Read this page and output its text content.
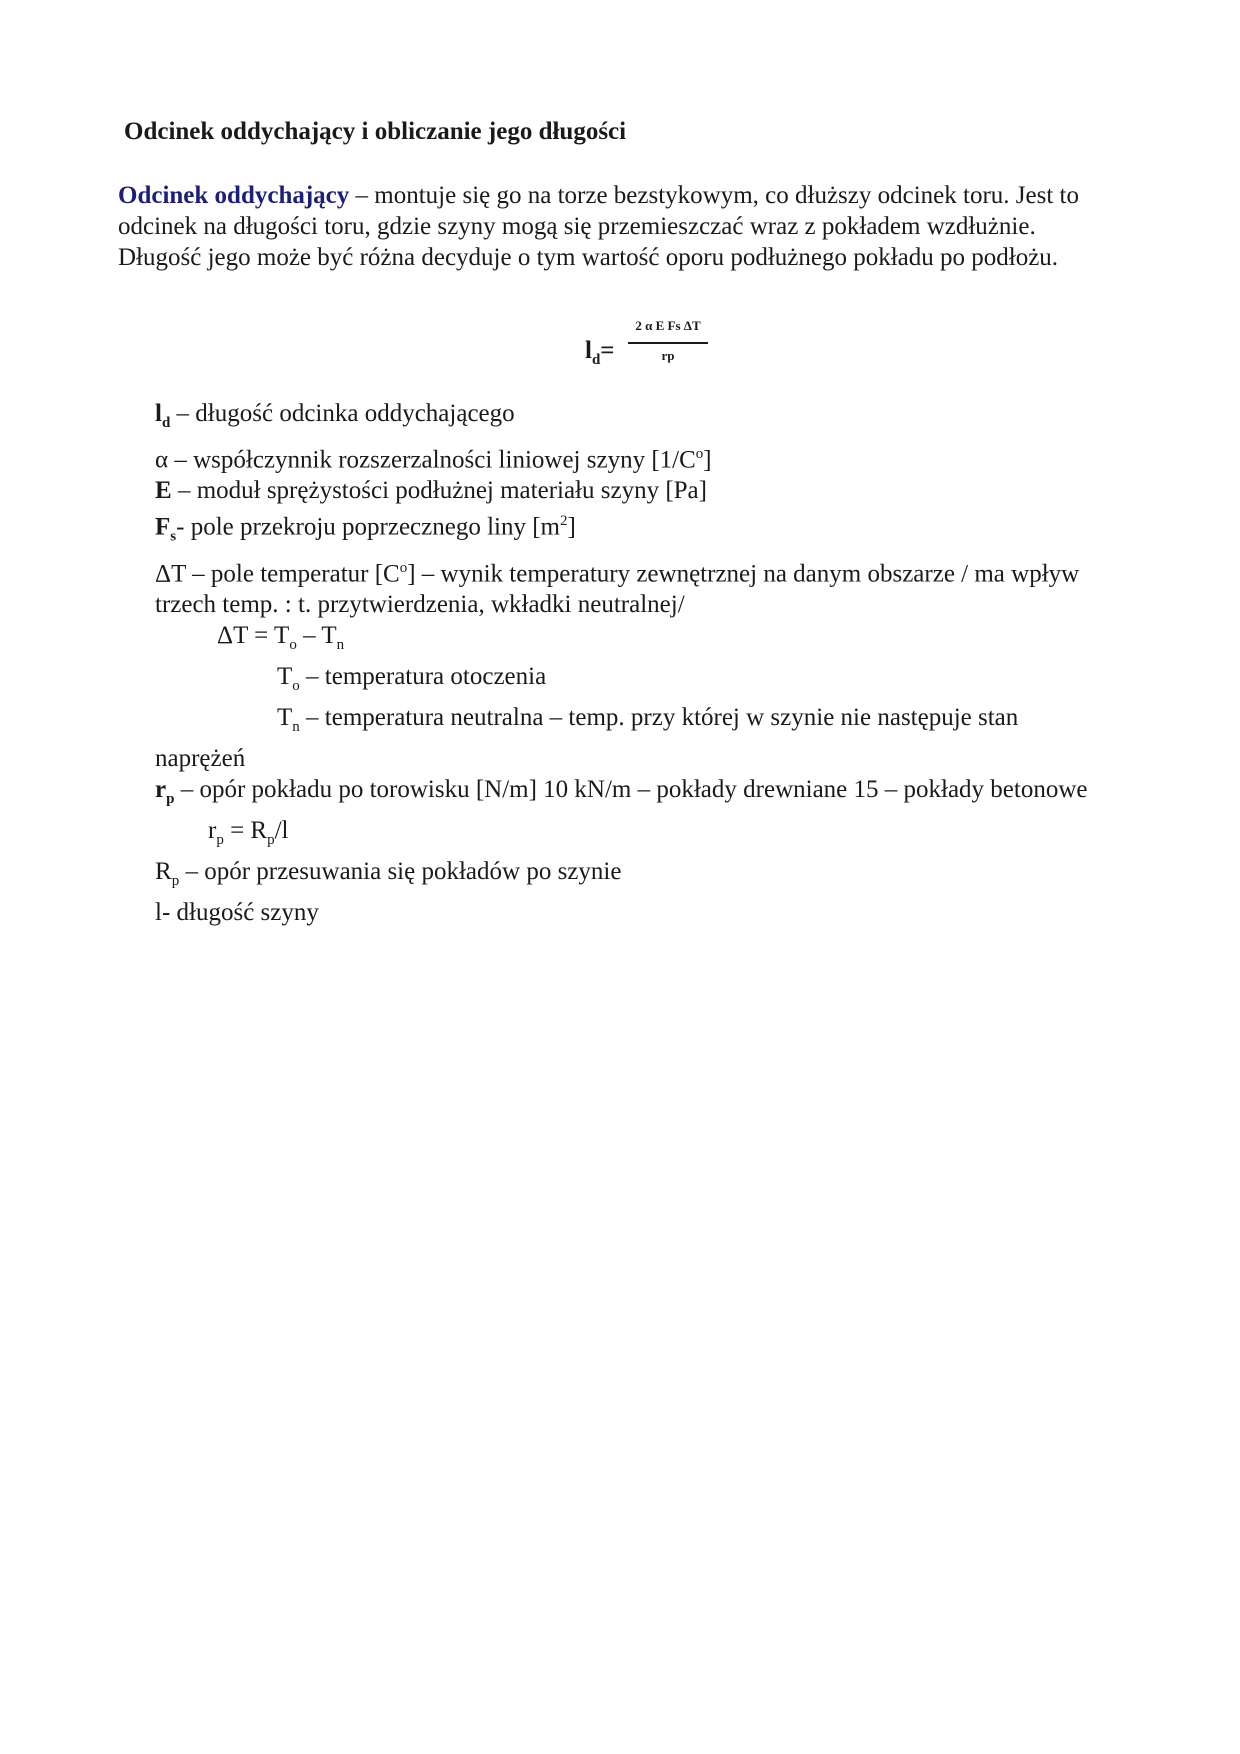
Odcinek oddychający i obliczanie jego długości
Odcinek oddychający – montuje się go na torze bezstykowym, co dłuższy odcinek toru. Jest to odcinek na długości toru, gdzie szyny mogą się przemieszczać wraz z pokładem wzdłużnie. Długość jego może być różna decyduje o tym wartość oporu podłużnego pokładu po podłożu.
$l_d=$
2 α E Fs ΔT
rp

$l_d$ – długość odcinka oddychającego

α – współczynnik rozszerzalności liniowej szyny $[1/C^o]$

E – moduł sprężystości podłużnej materiału szyny [Pa]

$F_s-$ pole przekroju poprzecznego liny $[m^2]$

ΔT – pole temperatur $[C^o]$ – wynik temperatury zewnętrznej na danym obszarze / ma wpływ trzech temp. : t. przytwierdzenia, wkładki neutralnej/

$\Delta T = T_o - T_n$

$T_o$ – temperatura otoczenia

$T_n$ – temperatura neutralna – temp. przy której w szynie nie następuje stan

naprężeń

$r_p$ – opór pokładu po torowisku [N/m] 10 kN/m – pokłady drewniane 15 – pokłady betonowe

$r_p = R_p/l$

$R_p$ – opór przesuwania się pokładów po szynie

l- długość szyny
